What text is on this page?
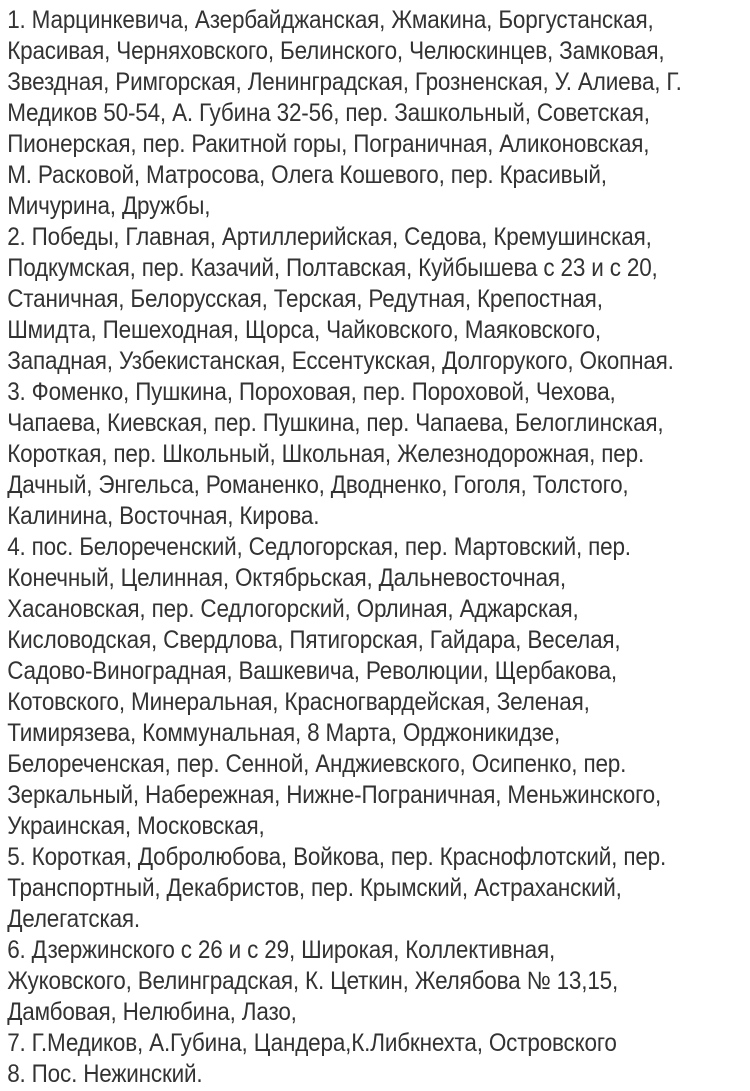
1. Марцинкевича, Азербайджанская, Жмакина, Боргустанская,
Красивая, Черняховского, Белинского, Челюскинцев, Замковая,
Звездная, Римгорская, Ленинградская, Грозненская, У. Алиева, Г.
Медиков 50-54, А. Губина 32-56, пер. Зашкольный, Советская,
Пионерская, пер. Ракитной горы, Пограничная, Аликоновская,
М. Расковой, Матросова, Олега Кошевого, пер. Красивый,
Мичурина, Дружбы,

2. Победы, Главная, Артиллерийская, Седова, Кремушинская,
Подкумская, пер. Казачий, Полтавская, Куйбышева с 23 и с 20,
Станичная, Белорусская, Терская, Редутная, Крепостная,
Шмидта, Пешеходная, Щорса, Чайковского, Маяковского,
Западная, Узбекистанская, Ессентукская, Долгорукого, Окопная.

3. Фоменко, Пушкина, Пороховая, пер. Пороховой, Чехова,
Чапаева, Киевская, пер. Пушкина, пер. Чапаева, Белоглинская,
Короткая, пер. Школьный, Школьная, Железнодорожная, пер.
Дачный, Энгельса, Романенко, Дводненко, Гоголя, Толстого,
Калинина, Восточная, Кирова.

4. пос. Белореченский, Седлогорская, пер. Мартовский, пер.
Конечный, Целинная, Октябрьская, Дальневосточная,
Хасановская, пер. Седлогорский, Орлиная, Аджарская,
Кисловодская, Свердлова, Пятигорская, Гайдара, Веселая,
Садово-Виноградная, Вашкевича, Революции, Щербакова,
Котовского, Минеральная, Красногвардейская, Зеленая,
Тимирязева, Коммунальная, 8 Марта, Орджоникидзе,
Белореченская, пер. Сенной, Анджиевского, Осипенко, пер.
Зеркальный, Набережная, Нижне-Пограничная, Меньжинского,
Украинская, Московская,

5. Короткая, Добролюбова, Войкова, пер. Краснофлотский, пер.
Транспортный, Декабристов, пер. Крымский, Астраханский,
Делегатская.

6. Дзержинского с 26 и с 29, Широкая, Коллективная,
Жуковского, Велинградская, К. Цеткин, Желябова № 13,15,
Дамбовая, Нелюбина, Лазо,

7. Г.Медиков, А.Губина, Цандера,К.Либкнехта, Островского

8. Пос. Нежинский.
